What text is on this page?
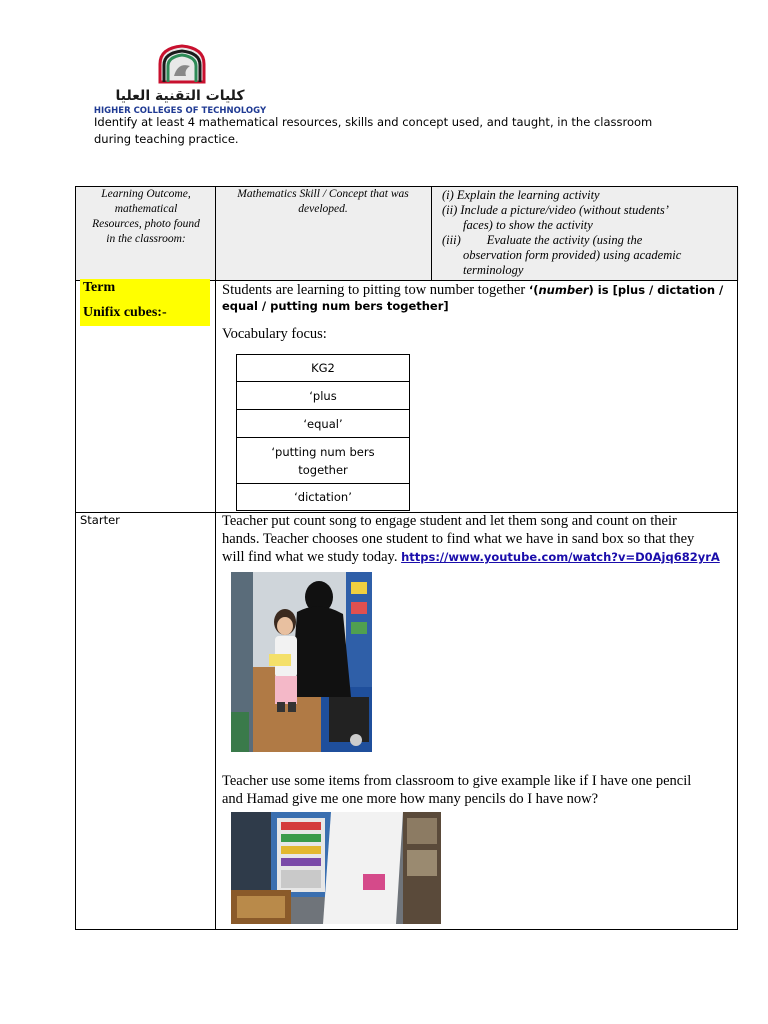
كليات التقنية العليا
HIGHER COLLEGES OF TECHNOLOGY
Identify at least 4 mathematical resources, skills and concept used, and taught, in the classroom
during teaching practice.
Learning Outcome,
mathematical
Resources, photo found
in the classroom:
Mathematics Skill / Concept that was
developed.
(i) Explain the learning activity
(ii) Include a picture/video (without students’
faces) to show the activity
(iii) Evaluate the activity (using the
observation form provided) using academic
terminology
Term
Unifix cubes:-
Students are learning to pitting tow number together ‘(number) is [plus / dictation /
equal / putting num bers together]
Vocabulary focus:
KG2
‘plus
‘equal’
‘putting num bers together
‘dictation’
Starter	Teacher put count song to engage student and let them song and count on their
hands. Teacher chooses one student to find what we have in sand box so that they
will find what we study today. https://www.youtube.com/watch?v=D0Ajq682yrA
Teacher use some items from classroom to give example like if I have one pencil
and Hamad give me one more how many pencils do I have now?
